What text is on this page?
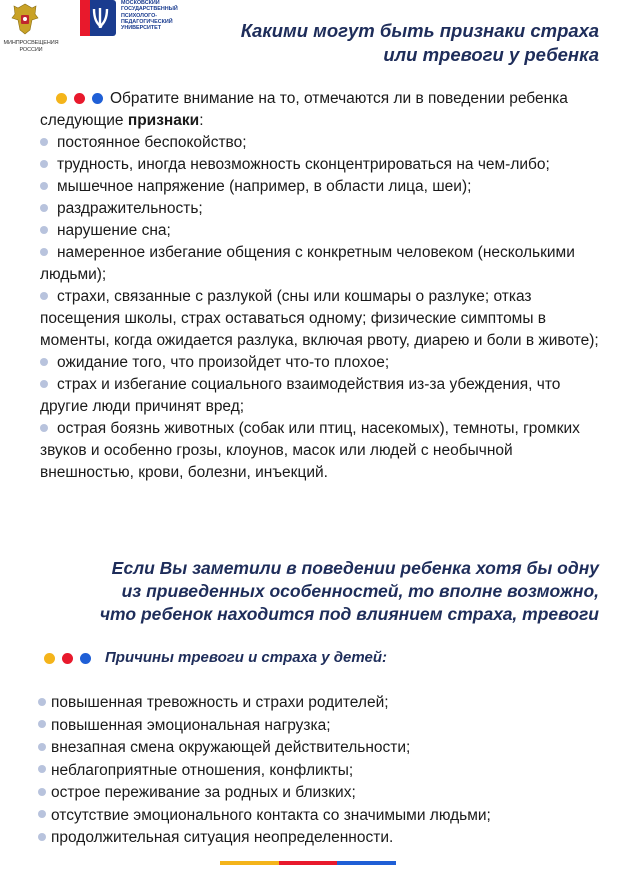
МИНПРОСВЕЩЕНИЯ РОССИИ
МОСКОВСКИЙ ГОСУДАРСТВЕННЫЙ ПСИХОЛОГО-ПЕДАГОГИЧЕСКИЙ УНИВЕРСИТЕТ	Какими могут быть признаки страха
или тревоги у ребенка
Обратите внимание на то, отмечаются ли в поведении ребенка следующие признаки:
постоянное беспокойство;
трудность, иногда невозможность сконцентрироваться на чем-либо;
мышечное напряжение (например, в области лица, шеи);
раздражительность;
нарушение сна;
намеренное избегание общения с конкретным человеком (несколькими людьми);
страхи, связанные с разлукой (сны или кошмары о разлуке; отказ посещения школы, страх оставаться одному; физические симптомы в моменты, когда ожидается разлука, включая рвоту, диарею и боли в животе);
ожидание того, что произойдет что-то плохое;
страх и избегание социального взаимодействия из-за убеждения, что другие люди причинят вред;
острая боязнь животных (собак или птиц, насекомых), темноты, громких звуков и особенно грозы, клоунов, масок или людей с необычной внешностью, крови, болезни, инъекций.
Если Вы заметили в поведении ребенка хотя бы одну
из приведенных особенностей, то вполне возможно,
что ребенок находится под влиянием страха, тревоги
Причины тревоги и страха у детей:
повышенная тревожность и страхи родителей;
повышенная эмоциональная нагрузка;
внезапная смена окружающей действительности;
неблагоприятные отношения, конфликты;
острое переживание за родных и близких;
отсутствие эмоционального контакта со значимыми людьми;
продолжительная ситуация неопределенности.
